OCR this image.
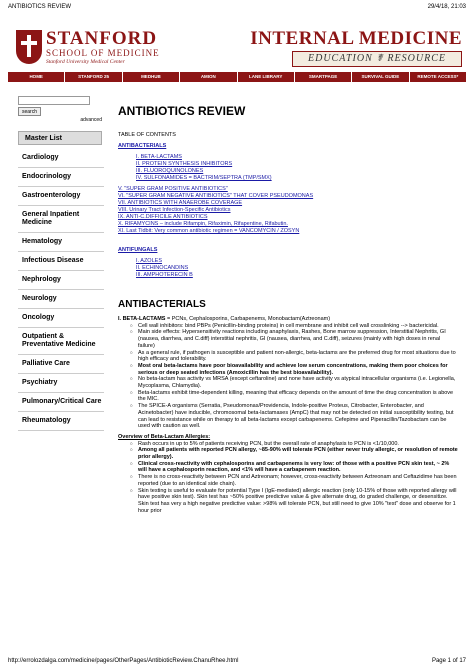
ANTIBIOTICS REVIEW	29/4/18, 21:03
STANFORD
SCHOOL OF MEDICINE
Stanford University Medical Center
INTERNAL MEDICINE
EDUCATION ☤ RESOURCE
HOME	STANFORD 25	MEDHUB	AMION	LANE LIBRARY	SMARTPAGE	SURVIVAL GUIDE	REMOTE ACCESS*
search
advanced
Master List
Cardiology
Endocrinology
Gastroenterology
General Inpatient Medicine
Hematology
Infectious Disease
Nephrology
Neurology
Oncology
Outpatient & Preventative Medicine
Palliative Care
Psychiatry
Pulmonary/Critical Care
Rheumatology
ANTIBIOTICS REVIEW

TABLE OF CONTENTS

ANTIBACTERIALS

I. BETA-LACTAMS

II. PROTEIN SYNTHESIS INHIBITORS

III. FLUOROQUINOLONES

IV. SULFONAMIDES = BACTRIM/SEPTRA (TMP/SMX)

V. "SUPER GRAM POSITIVE ANTIBIOTICS"

VI. "SUPER GRAM NEGATIVE ANTIBIOTICS" THAT COVER PSEUDOMONAS

VII. ANTIBIOTICS WITH ANAEROBE COVERAGE

VIII. Urinary Tract Infection-Specific Antibiotics

IX. ANTI-C.DIFFICILE ANTIBIOTICS

X. RIFAMYCINS – include Rifampin, Rifaximin, Rifapentine, Rifabutin.

XI. Last Tidbit: Very common antibiotic regimen = VANCOMYCIN / ZOSYN

ANTIFUNGALS

I. AZOLES

II. ECHINOCANDINS

III. AMPHOTERECIN B

ANTIBACTERIALS

I. BETA-LACTAMS = PCNs, Cephalosporins, Carbapenems, Monobactam(Aztreonam)

○ Cell wall inhibitors: bind PBPs (Penicillin-binding proteins) in cell membrane and inhibit cell wall crosslinking --> bactericidal.

○ Main side effects: Hypersensitivity reactions including anaphylaxis, Rashes, Bone marrow suppression, Interstitial Nephritis, GI (nausea, diarrhea, and C.diff) interstitial nephritis, GI (nausea, diarrhea, and C.diff), seizures (mainly with high doses in renal failure)

○ As a general rule, if pathogen is susceptible and patient non-allergic, beta-lactams are the preferred drug for most situations due to high efficacy and tolerability.

○ Most oral beta-lactams have poor bioavailability and achieve low serum concentrations, making them poor choices for serious or deep seated infections (Amoxicillin has the best bioavailability).

○ No beta-lactam has activity vs MRSA (except ceftaroline) and none have activity vs atypical intracellular organisms (i.e. Legionella, Mycoplasma, Chlamydia).

○ Beta-lactams exhibit time-dependent killing, meaning that efficacy depends on the amount of time the drug concentration is above the MIC.

○ The SPICE-A organisms (Serratia, Pseudomonas/Providencia, Indole-positive Proteus, Citrobacter, Enterobacter, and Acinetobacter) have inducible, chromosomal beta-lactamases (AmpC) that may not be detected on initial susceptibility testing, but can lead to resistance while on therapy to all beta-lactams except carbapenems. Cefepime and Piperacillin/Tazobactam can be used with caution as well.

Overview of Beta-Lactam Allergies:

○ Rash occurs in up to 5% of patients receiving PCN, but the overall rate of anaphylaxis to PCN is <1/10,000.

○ Among all patients with reported PCN allergy, ~85-90% will tolerate PCN (either never truly allergic, or resolution of remote prior allergy).

○ Clinical cross-reactivity with cephalosporins and carbapenems is very low: of those with a positive PCN skin test, ~ 2% will have a cephalosporin reaction, and <1% will have a carbapenem reaction.

○ There is no cross-reactivity between PCN and Aztreonam; however, cross-reactivity between Aztreonam and Ceftazidime has been reported (due to an identical side chain).

○ Skin testing is useful to evaluate for potential Type I (IgE-mediated) allergic reaction (only 10-15% of those with reported allergy will have positive skin test). Skin test has ~50% positive predictive value & give alternate drug, do graded challenge, or desensitize. Skin test has very a high negative predictive value: >98% will tolerate PCN, but still need to give 10% "test" dose and observe for 1 hour prior

http://errolozdalga.com/medicine/pages/OtherPages/AntibioticReview.ChanuRhee.html	Page 1 of 17
